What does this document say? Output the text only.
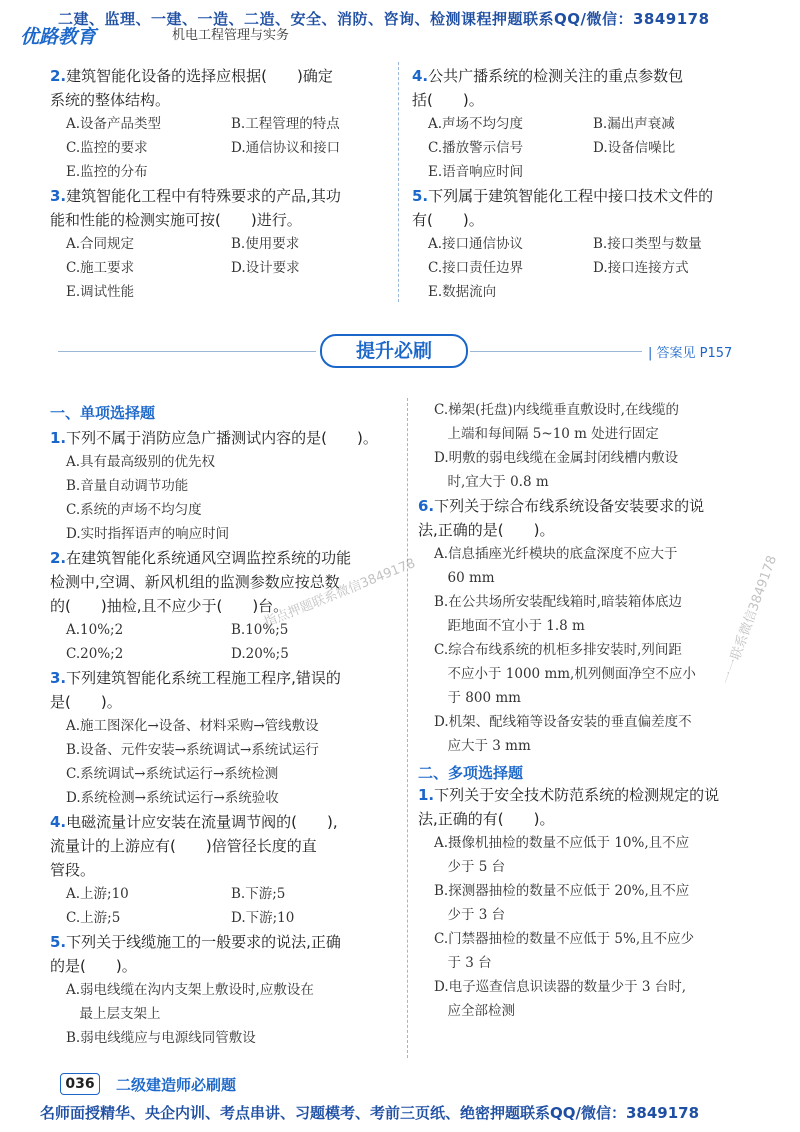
二建、监理、一建、一造、二造、安全、消防、咨询、检测课程押题联系QQ/微信：3849178
优路教育	机电工程管理与实务
2.建筑智能化设备的选择应根据(　　)确定
系统的整体结构。
A.设备产品类型	B.工程管理的特点
C.监控的要求	D.通信协议和接口
E.监控的分布
3.建筑智能化工程中有特殊要求的产品,其功
能和性能的检测实施可按(　　)进行。
A.合同规定	B.使用要求
C.施工要求	D.设计要求
E.调试性能
4.公共广播系统的检测关注的重点参数包
括(　　)。
A.声场不均匀度	B.漏出声衰减
C.播放警示信号	D.设备信噪比
E.语音响应时间
5.下列属于建筑智能化工程中接口技术文件的
有(　　)。
A.接口通信协议	B.接口类型与数量
C.接口责任边界	D.接口连接方式
E.数据流向
提升必刷	| 答案见 P157
一、单项选择题
1.下列不属于消防应急广播测试内容的是(　　)。
A.具有最高级别的优先权
B.音量自动调节功能
C.系统的声场不均匀度
D.实时指挥语声的响应时间
2.在建筑智能化系统通风空调监控系统的功能
检测中,空调、新风机组的监测参数应按总数
的(　　)抽检,且不应少于(　　)台。
A.10%;2	B.10%;5
C.20%;2	D.20%;5
3.下列建筑智能化系统工程施工程序,错误的
是(　　)。
A.施工图深化→设备、材料采购→管线敷设
B.设备、元件安装→系统调试→系统试运行
C.系统调试→系统试运行→系统检测
D.系统检测→系统试运行→系统验收
4.电磁流量计应安装在流量调节阀的(　　),
流量计的上游应有(　　)倍管径长度的直
管段。
A.上游;10	B.下游;5
C.上游;5	D.下游;10
5.下列关于线缆施工的一般要求的说法,正确
的是(　　)。
A.弱电线缆在沟内支架上敷设时,应敷设在
　最上层支架上
B.弱电线缆应与电源线同管敷设
C.梯架(托盘)内线缆垂直敷设时,在线缆的
　上端和每间隔 5~10 m 处进行固定
D.明敷的弱电线缆在金属封闭线槽内敷设
　时,宜大于 0.8 m
6.下列关于综合布线系统设备安装要求的说
法,正确的是(　　)。
A.信息插座光纤模块的底盒深度不应大于
　60 mm
B.在公共场所安装配线箱时,暗装箱体底边
　距地面不宜小于 1.8 m
C.综合布线系统的机柜多排安装时,列间距
　不应小于 1000 mm,机列侧面净空不应小
　于 800 mm
D.机架、配线箱等设备安装的垂直偏差度不
　应大于 3 mm
二、多项选择题
1.下列关于安全技术防范系统的检测规定的说
法,正确的有(　　)。
A.摄像机抽检的数量不应低于 10%,且不应
　少于 5 台
B.探测器抽检的数量不应低于 20%,且不应
　少于 3 台
C.门禁器抽检的数量不应低于 5%,且不应少
　于 3 台
D.电子巡查信息识读器的数量少于 3 台时,
　应全部检测
指点押题联系微信3849178	一一联系微信3849178
036	二级建造师必刷题
名师面授精华、央企内训、考点串讲、习题模考、考前三页纸、绝密押题联系QQ/微信：3849178
